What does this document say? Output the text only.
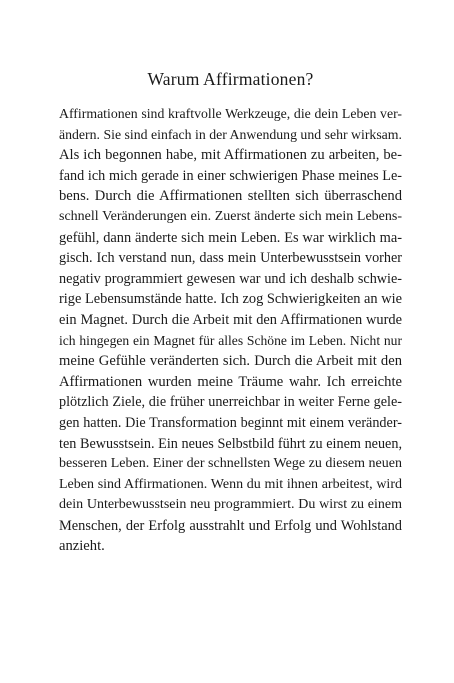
Warum Affirmationen?
Affirmationen sind kraftvolle Werkzeuge, die dein Leben ver-
ändern. Sie sind einfach in der Anwendung und sehr wirksam.
Als ich begonnen habe, mit Affirmationen zu arbeiten, be-
fand ich mich gerade in einer schwierigen Phase meines Le-
bens. Durch die Affirmationen stellten sich überraschend
schnell Veränderungen ein. Zuerst änderte sich mein Lebens-
gefühl, dann änderte sich mein Leben. Es war wirklich ma-
gisch. Ich verstand nun, dass mein Unterbewusstsein vorher
negativ programmiert gewesen war und ich deshalb schwie-
rige Lebensumstände hatte. Ich zog Schwierigkeiten an wie
ein Magnet. Durch die Arbeit mit den Affirmationen wurde
ich hingegen ein Magnet für alles Schöne im Leben. Nicht nur
meine Gefühle veränderten sich. Durch die Arbeit mit den
Affirmationen wurden meine Träume wahr. Ich erreichte
plötzlich Ziele, die früher unerreichbar in weiter Ferne gele-
gen hatten. Die Transformation beginnt mit einem veränder-
ten Bewusstsein. Ein neues Selbstbild führt zu einem neuen,
besseren Leben. Einer der schnellsten Wege zu diesem neuen
Leben sind Affirmationen. Wenn du mit ihnen arbeitest, wird
dein Unterbewusstsein neu programmiert. Du wirst zu einem
Menschen, der Erfolg ausstrahlt und Erfolg und Wohlstand
anzieht.
